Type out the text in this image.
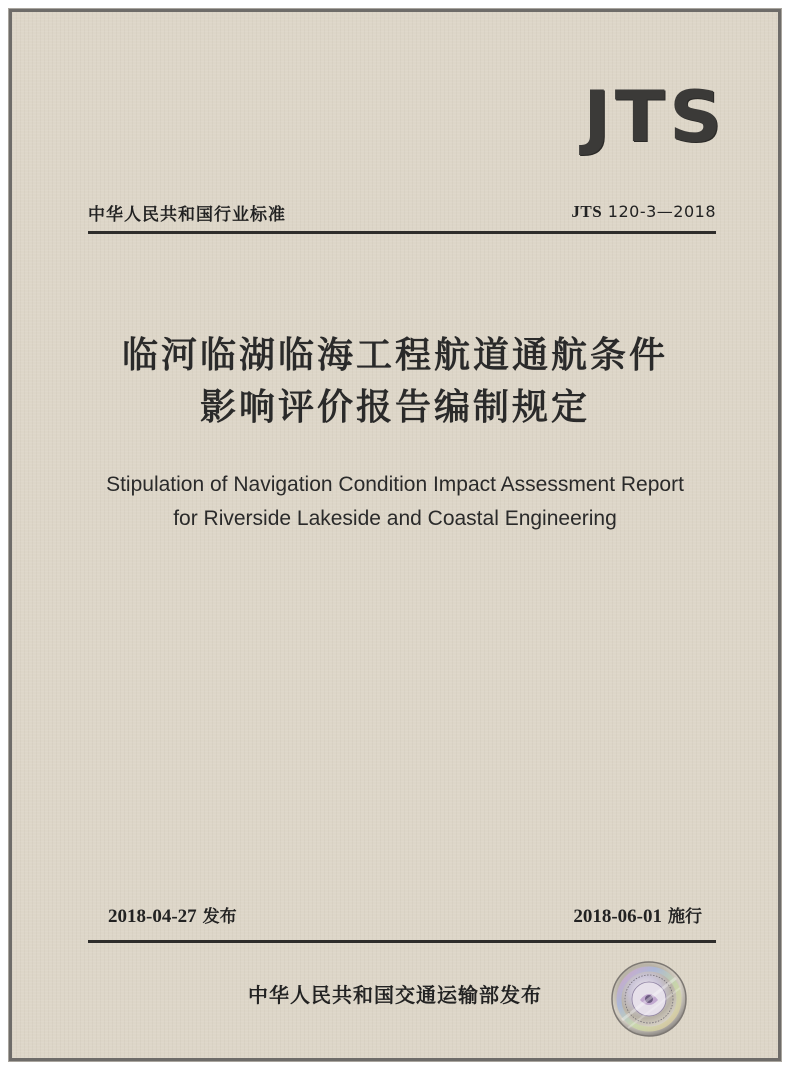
JTS
中华人民共和国行业标准	JTS 120-3—2018
临河临湖临海工程航道通航条件
影响评价报告编制规定
Stipulation of Navigation Condition Impact Assessment Report
for Riverside Lakeside and Coastal Engineering
2018-04-27 发布	2018-06-01 施行
中华人民共和国交通运输部发布
